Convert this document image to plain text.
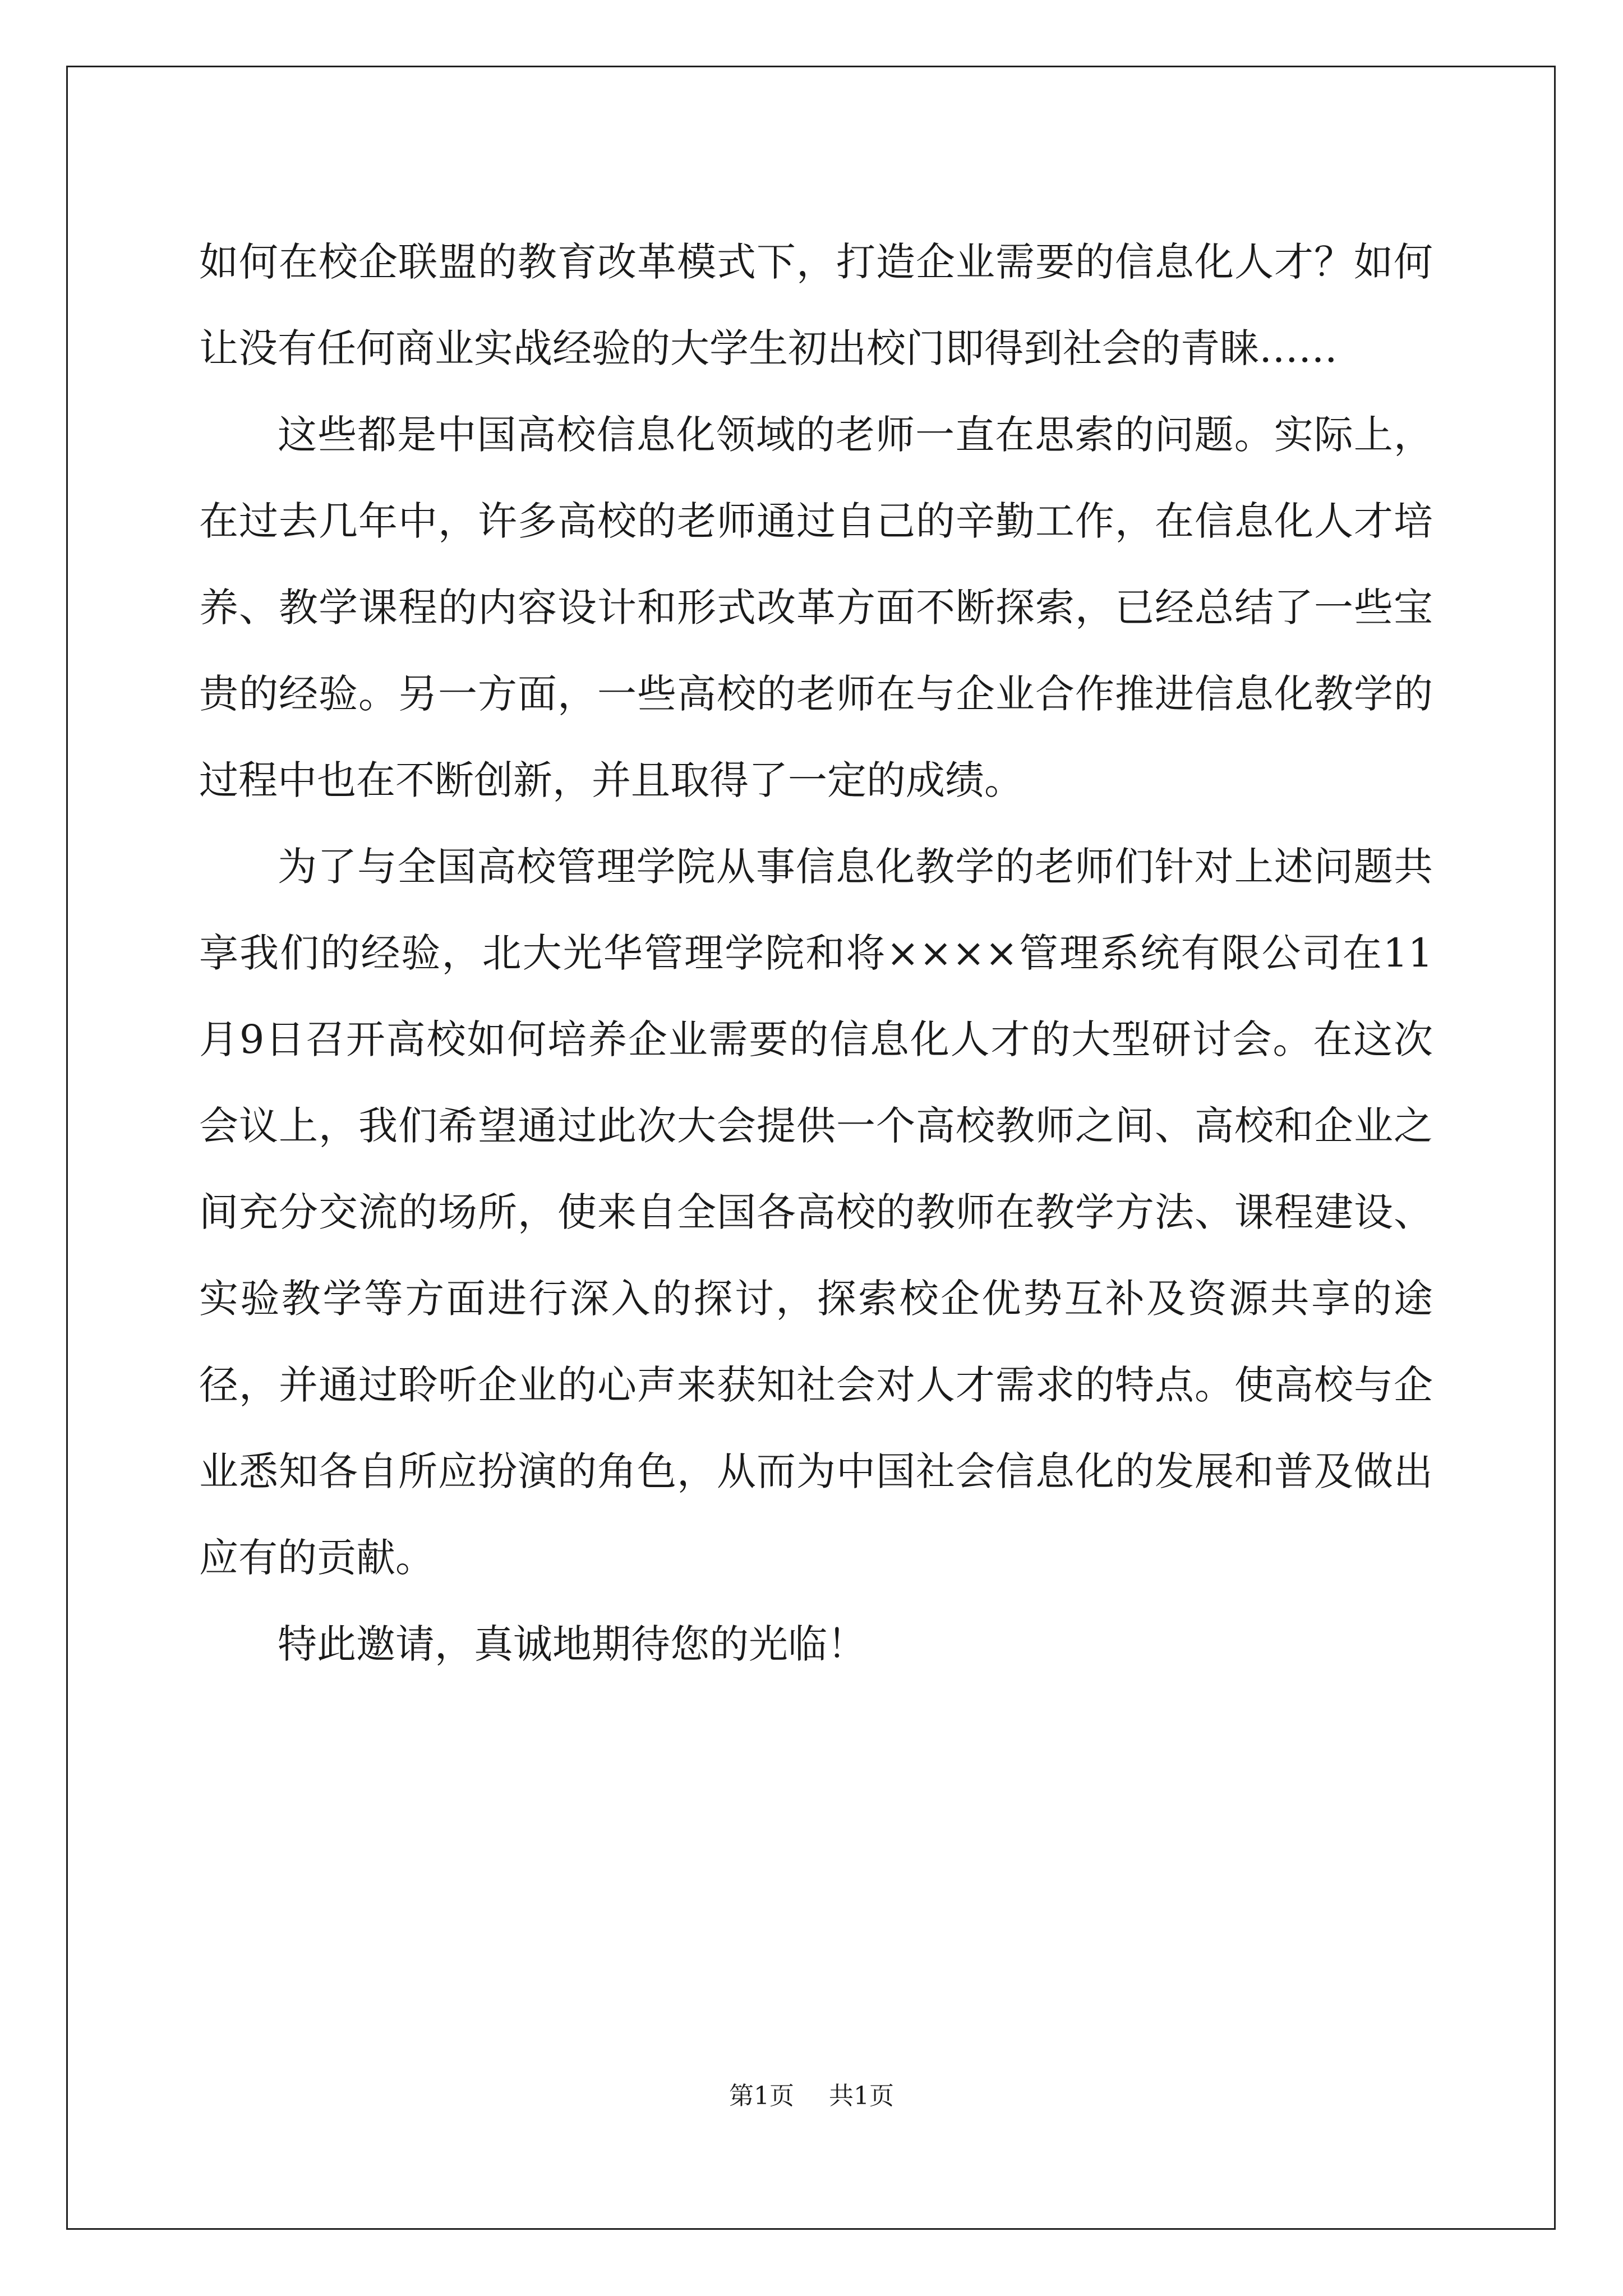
如何在校企联盟的教育改革模式下，打造企业需要的信息化人才？如何让没有任何商业实战经验的大学生初出校门即得到社会的青睐……

这些都是中国高校信息化领域的老师一直在思索的问题。实际上，在过去几年中，许多高校的老师通过自己的辛勤工作，在信息化人才培养、教学课程的内容设计和形式改革方面不断探索，已经总结了一些宝贵的经验。另一方面，一些高校的老师在与企业合作推进信息化教学的过程中也在不断创新，并且取得了一定的成绩。

为了与全国高校管理学院从事信息化教学的老师们针对上述问题共享我们的经验，北大光华管理学院和将××××管理系统有限公司在11月9日召开高校如何培养企业需要的信息化人才的大型研讨会。在这次会议上，我们希望通过此次大会提供一个高校教师之间、高校和企业之间充分交流的场所，使来自全国各高校的教师在教学方法、课程建设、实验教学等方面进行深入的探讨，探索校企优势互补及资源共享的途径，并通过聆听企业的心声来获知社会对人才需求的特点。使高校与企业悉知各自所应扮演的角色，从而为中国社会信息化的发展和普及做出应有的贡献。

特此邀请，真诚地期待您的光临！

第1页 共1页
